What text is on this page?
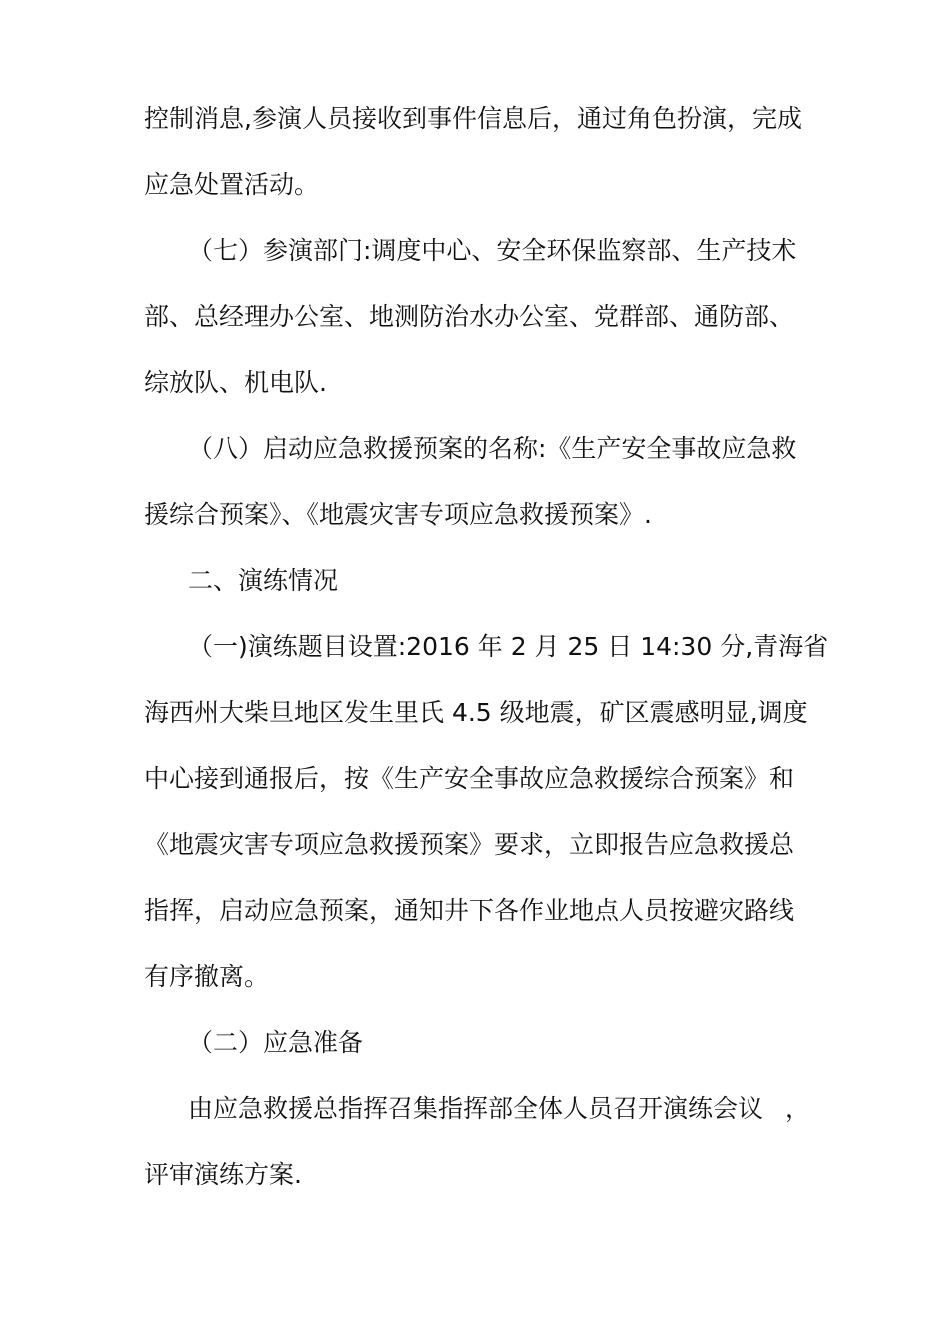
控制消息,参演人员接收到事件信息后，通过角色扮演，完成
应急处置活动。
（七）参演部门:调度中心、安全环保监察部、生产技术
部、总经理办公室、地测防治水办公室、党群部、通防部、
综放队、机电队.
（八）启动应急救援预案的名称:《生产安全事故应急救
援综合预案》、《地震灾害专项应急救援预案》.
二、演练情况
（一)演练题目设置:2016 年 2 月 25 日 14:30 分,青海省
海西州大柴旦地区发生里氏 4.5 级地震，矿区震感明显,调度
中心接到通报后，按《生产安全事故应急救援综合预案》和
《地震灾害专项应急救援预案》要求，立即报告应急救援总
指挥，启动应急预案，通知井下各作业地点人员按避灾路线
有序撤离。
（二）应急准备
由应急救援总指挥召集指挥部全体人员召开演练会议 ，
评审演练方案.
